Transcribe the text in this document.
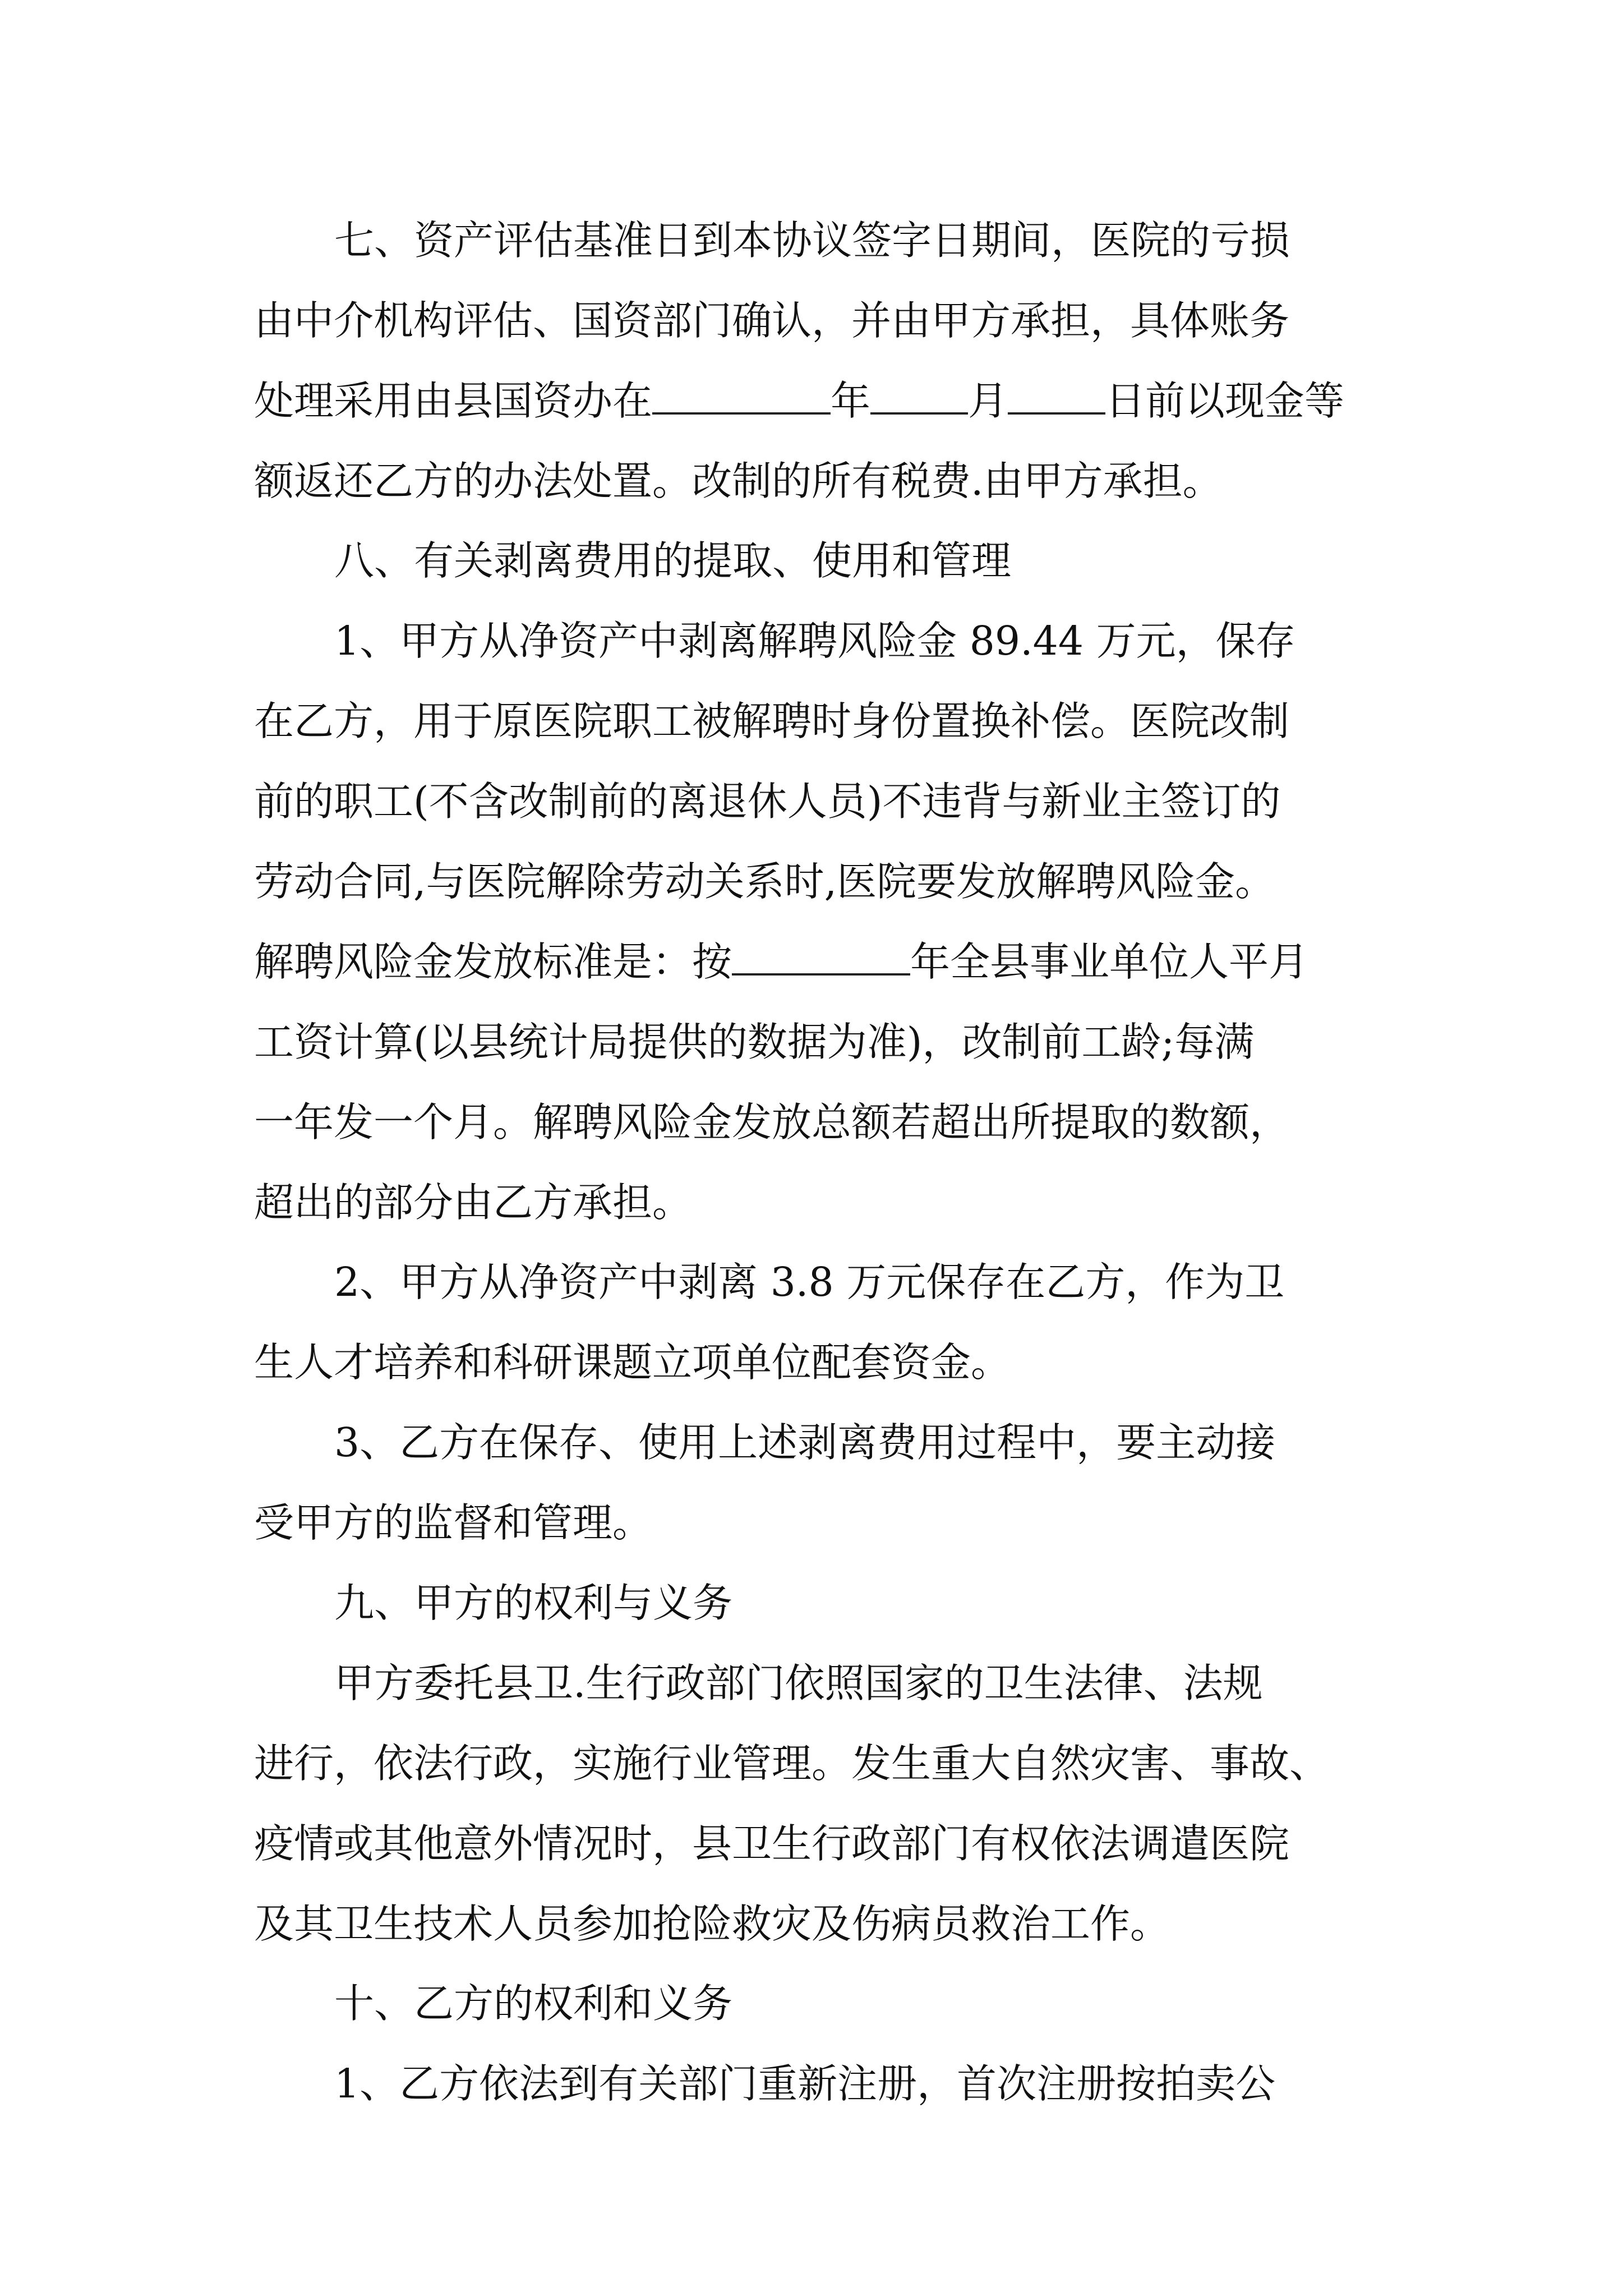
七、资产评估基准日到本协议签字日期间，医院的亏损
由中介机构评估、国资部门确认，并由甲方承担，具体账务
处理采用由县国资办在	年 月 日前以现金等
额返还乙方的办法处置。改制的所有税费.由甲方承担。
八、有关剥离费用的提取、使用和管理
1、甲方从净资产中剥离解聘风险金 89.44 万元，保存
在乙方，用于原医院职工被解聘时身份置换补偿。医院改制
前的职工(不含改制前的离退休人员)不违背与新业主签订的
劳动合同,与医院解除劳动关系时,医院要发放解聘风险金。
解聘风险金发放标准是：按	年全县事业单位人平月
工资计算(以县统计局提供的数据为准)，改制前工龄;每满
一年发一个月。解聘风险金发放总额若超出所提取的数额，
超出的部分由乙方承担。
2、甲方从净资产中剥离 3.8 万元保存在乙方，作为卫
生人才培养和科研课题立项单位配套资金。
3、乙方在保存、使用上述剥离费用过程中，要主动接
受甲方的监督和管理。
九、甲方的权利与义务
甲方委托县卫.生行政部门依照国家的卫生法律、法规
进行，依法行政，实施行业管理。发生重大自然灾害、事故、
疫情或其他意外情况时，县卫生行政部门有权依法调遣医院
及其卫生技术人员参加抢险救灾及伤病员救治工作。
十、乙方的权利和义务
1、乙方依法到有关部门重新注册，首次注册按拍卖公
